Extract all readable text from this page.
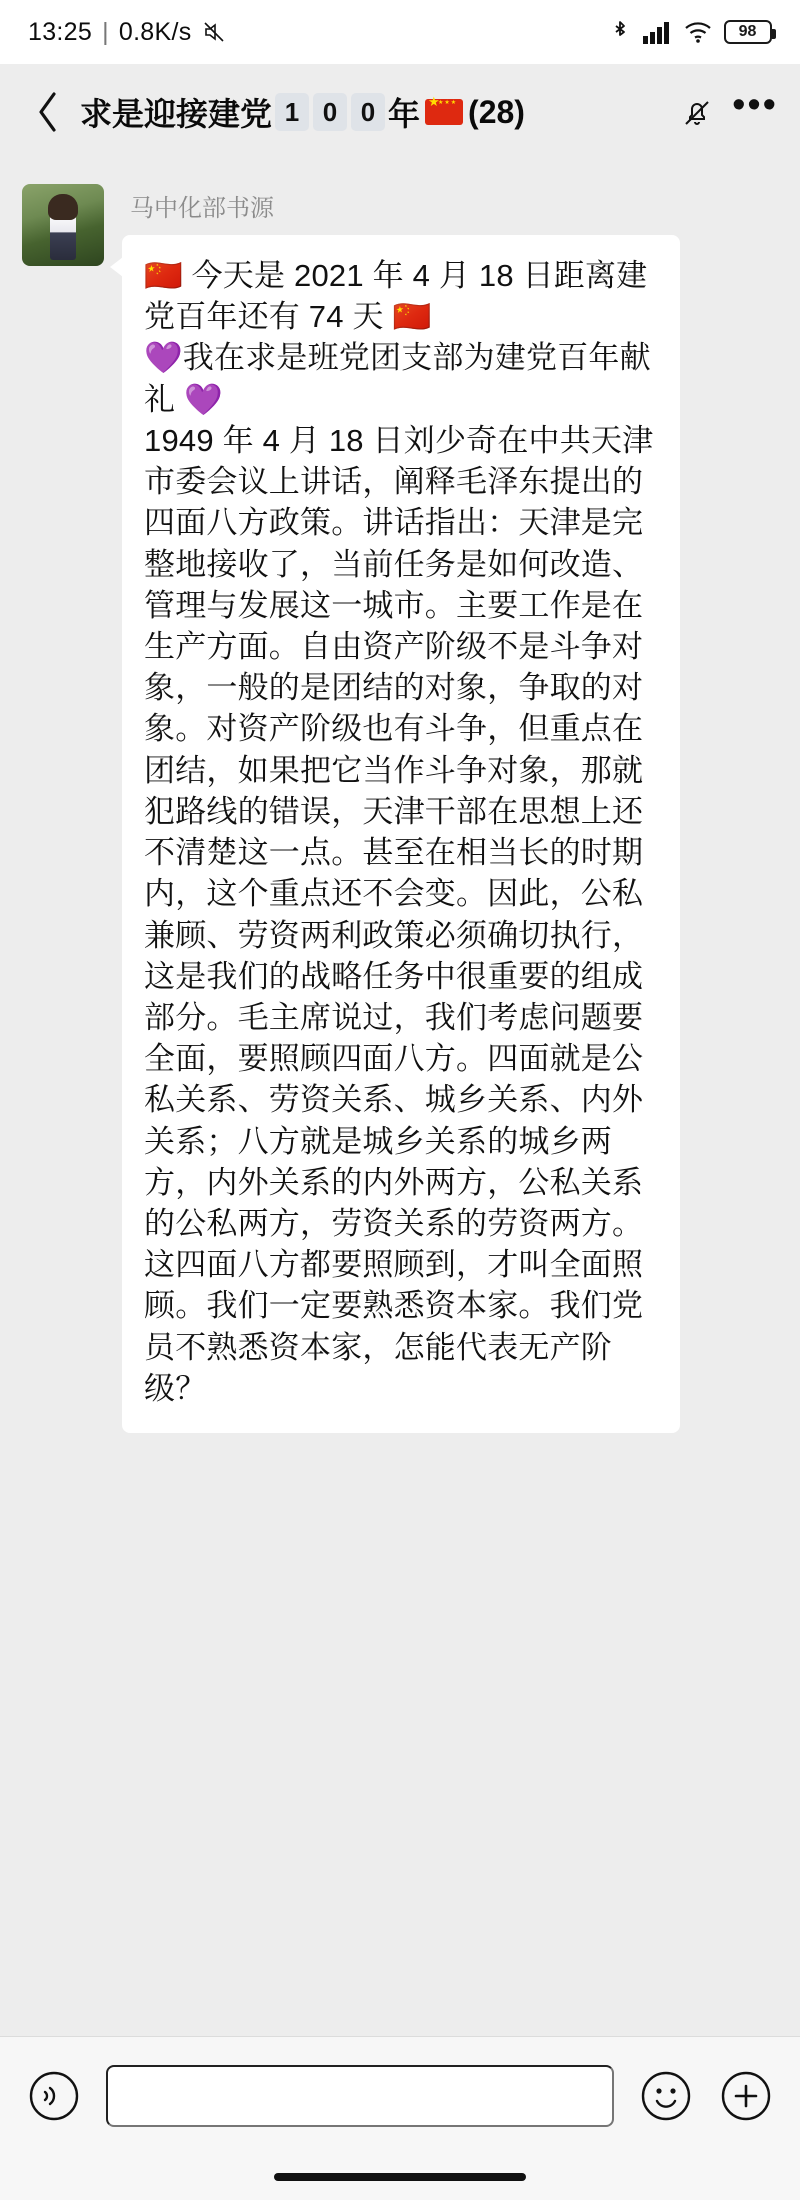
13:25 | 0.8K/s	98
求是迎接建党 1 0 0 年 ★ ★★★ (28)	•••
马中化部书源

🇨🇳 今天是 2021 年 4 月 18 日距离建党百年还有 74 天 🇨🇳

💜我在求是班党团支部为建党百年献礼 💜

1949 年 4 月 18 日刘少奇在中共天津市委会议上讲话，阐释毛泽东提出的四面八方政策。讲话指出：天津是完整地接收了，当前任务是如何改造、管理与发展这一城市。主要工作是在生产方面。自由资产阶级不是斗争对象，一般的是团结的对象，争取的对象。对资产阶级也有斗争，但重点在团结，如果把它当作斗争对象，那就犯路线的错误，天津干部在思想上还不清楚这一点。甚至在相当长的时期内，这个重点还不会变。因此，公私兼顾、劳资两利政策必须确切执行，这是我们的战略任务中很重要的组成部分。毛主席说过，我们考虑问题要全面，要照顾四面八方。四面就是公私关系、劳资关系、城乡关系、内外关系；八方就是城乡关系的城乡两方，内外关系的内外两方，公私关系的公私两方，劳资关系的劳资两方。这四面八方都要照顾到，才叫全面照顾。我们一定要熟悉资本家。我们党员不熟悉资本家，怎能代表无产阶级？
